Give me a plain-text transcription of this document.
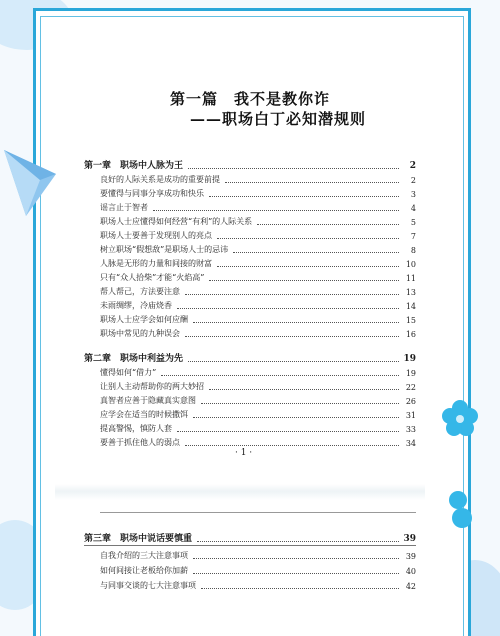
第一篇　我不是教你诈
——职场白丁必知潜规则
第一章　职场中人脉为王	2
良好的人际关系是成功的重要前提	2
要懂得与同事分享成功和快乐	3
谣言止于智者	4
职场人士应懂得如何经营“有利”的人际关系	5
职场人士要善于发现别人的亮点	7
树立职场“假想敌”是职场人士的忌讳	8
人脉是无形的力量和间接的财富	10
只有“众人拾柴”才能“火焰高”	11
帮人帮己，方法要注意	13
未雨绸缪，冷庙烧香	14
职场人士应学会如何应酬	15
职场中常见的九种误会	16
第二章　职场中利益为先	19
懂得如何“借力”	19
让别人主动帮助你的两大妙招	22
真智者应善于隐藏真实意图	26
应学会在适当的时候撒饵	31
提高警惕，慎防人套	33
要善于抓住他人的弱点	34
· 1 ·
第三章　职场中说话要慎重	39
自我介绍的三大注意事项	39
如何间接让老板给你加薪	40
与同事交谈的七大注意事项	42
